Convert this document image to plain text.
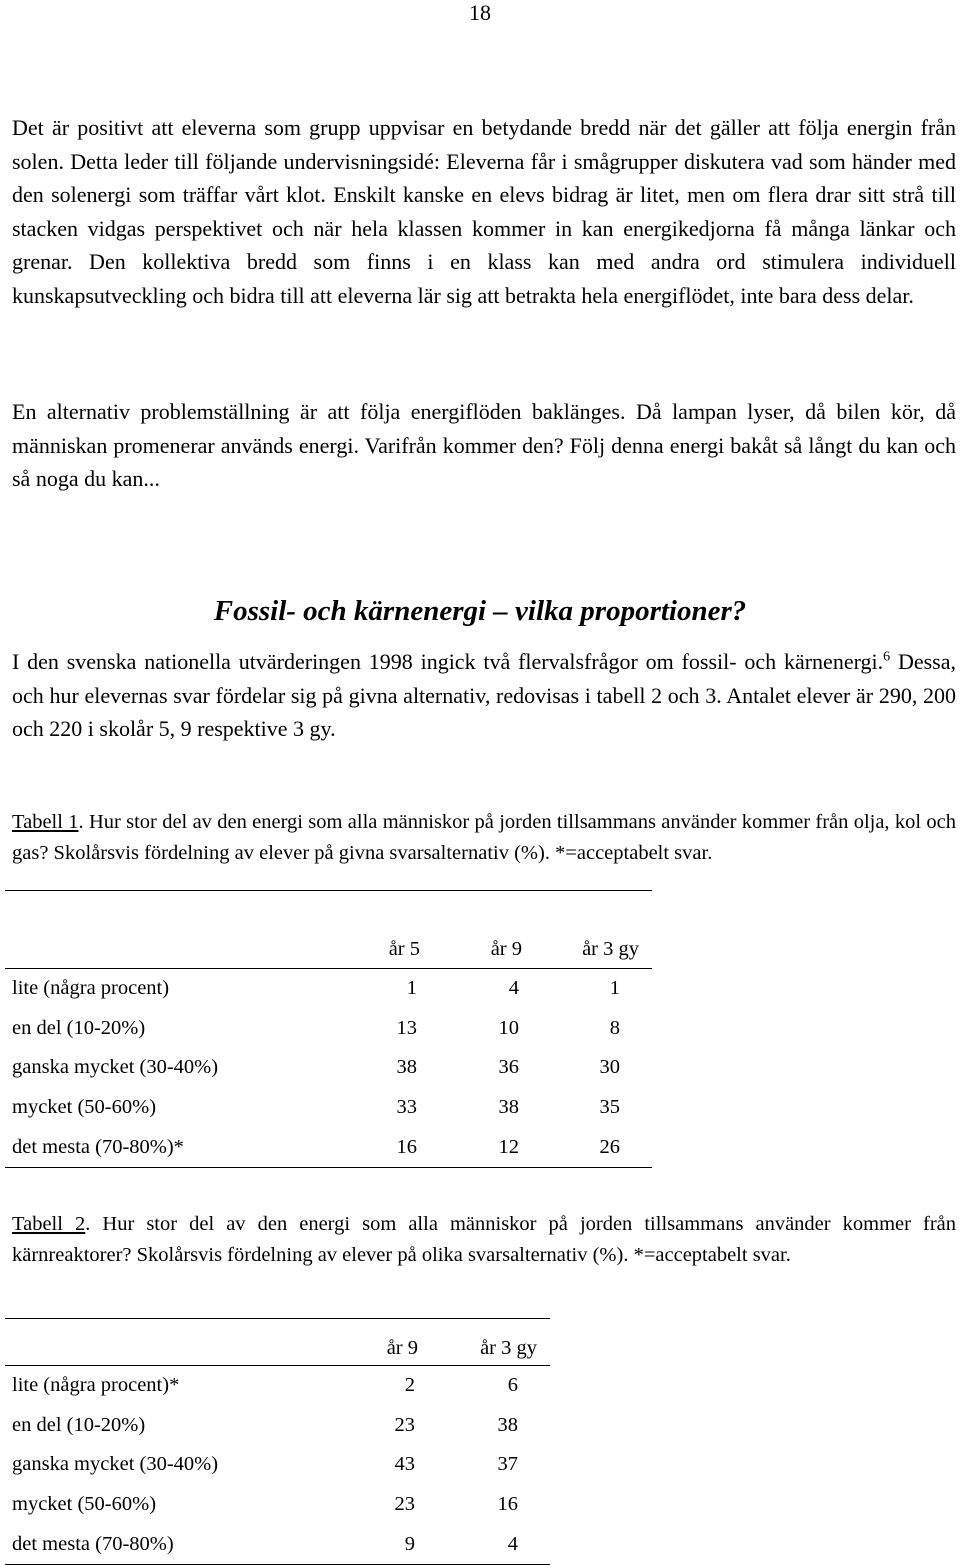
18

Det är positivt att eleverna som grupp uppvisar en betydande bredd när det gäller att följa energin från solen. Detta leder till följande undervisningsidé: Eleverna får i smågrupper diskutera vad som händer med den solenergi som träffar vårt klot. Enskilt kanske en elevs bidrag är litet, men om flera drar sitt strå till stacken vidgas perspektivet och när hela klassen kommer in kan energikedjorna få många länkar och grenar. Den kollektiva bredd som finns i en klass kan med andra ord stimulera individuell kunskapsutveckling och bidra till att eleverna lär sig att betrakta hela energiflödet, inte bara dess delar.

En alternativ problemställning är att följa energiflöden baklänges. Då lampan lyser, då bilen kör, då människan promenerar används energi. Varifrån kommer den? Följ denna energi bakåt så långt du kan och så noga du kan...

Fossil- och kärnenergi – vilka proportioner?

I den svenska nationella utvärderingen 1998 ingick två flervalsfrågor om fossil- och kärnenergi.$^6$ Dessa, och hur elevernas svar fördelar sig på givna alternativ, redovisas i tabell 2 och 3. Antalet elever är 290, 200 och 220 i skolår 5, 9 respektive 3 gy.

Tabell 1. Hur stor del av den energi som alla människor på jorden tillsammans använder kommer från olja, kol och gas? Skolårsvis fördelning av elever på givna svarsalternativ (%). *=acceptabelt svar.

	år 5	år 9	år 3 gy
lite (några procent)	1	4	1
en del (10-20%)	13	10	8
ganska mycket (30-40%)	38	36	30
mycket (50-60%)	33	38	35
det mesta (70-80%)*	16	12	26

Tabell 2. Hur stor del av den energi som alla människor på jorden tillsammans använder kommer från kärnreaktorer? Skolårsvis fördelning av elever på olika svarsalternativ (%). *=acceptabelt svar.

	år 9	år 3 gy
lite (några procent)*	2	6
en del (10-20%)	23	38
ganska mycket (30-40%)	43	37
mycket (50-60%)	23	16
det mesta (70-80%)	9	4
